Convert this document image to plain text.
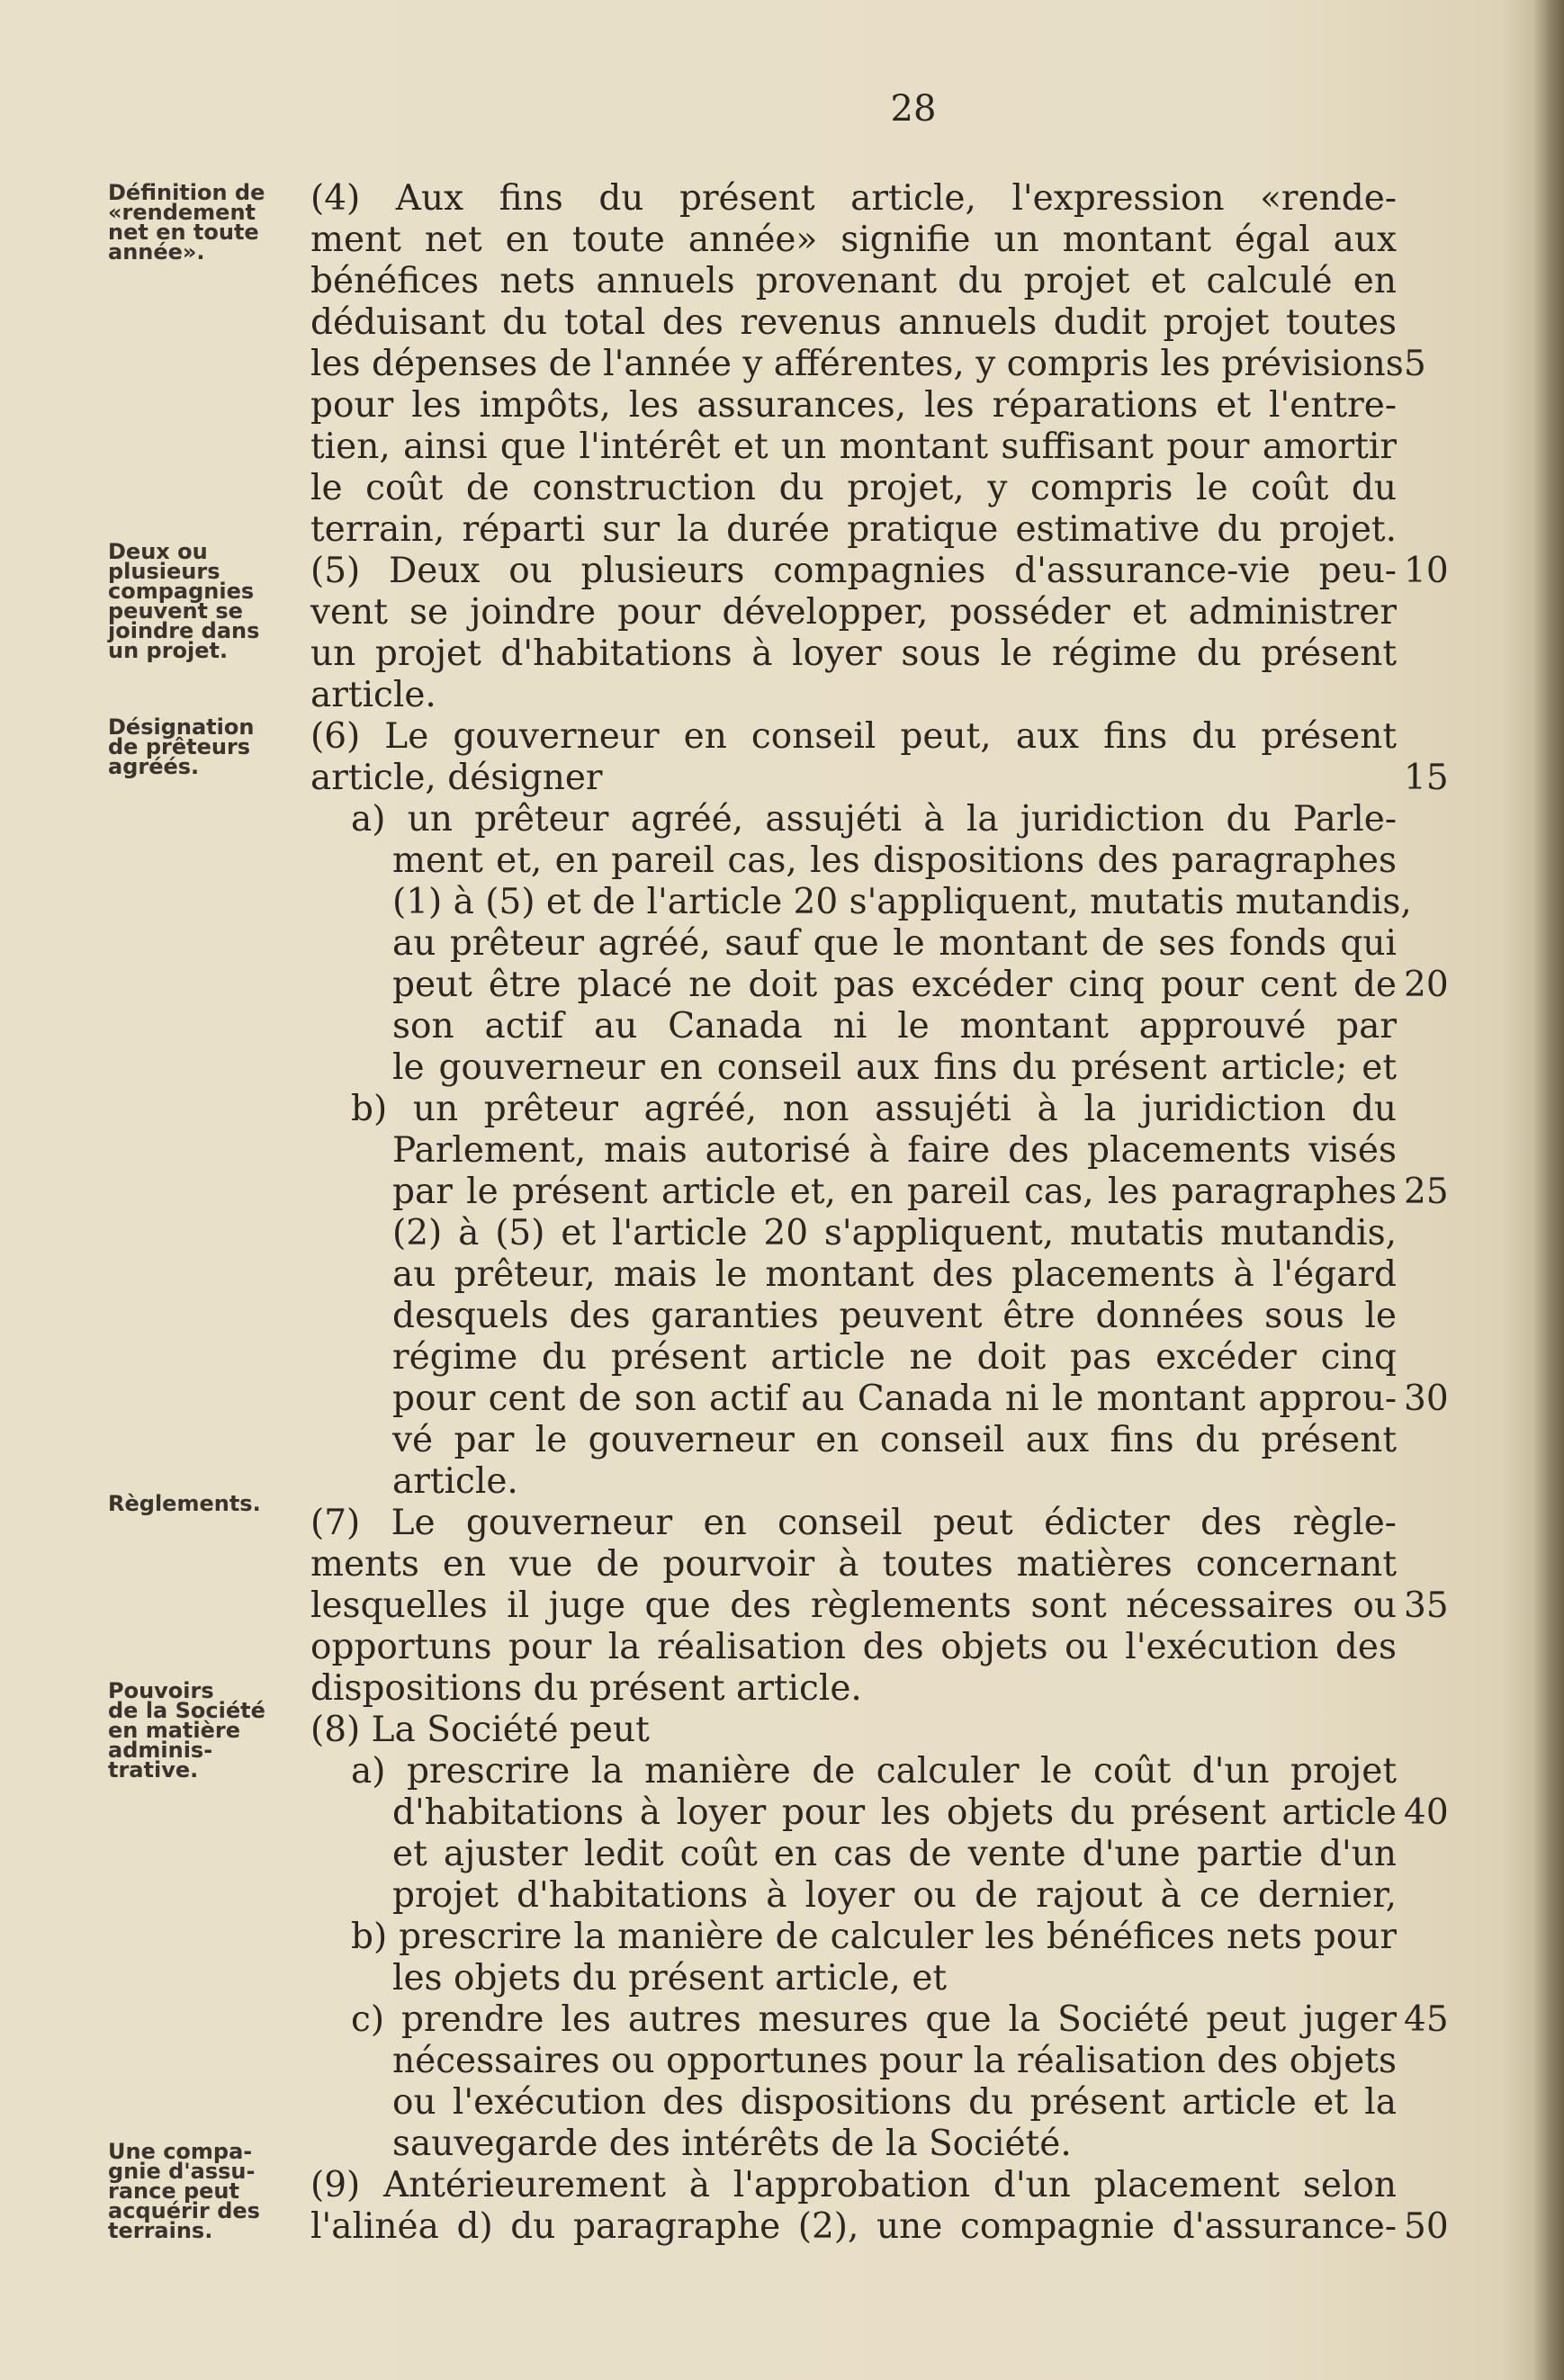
28
Définition de
«rendement
net en toute
année».
Deux ou
plusieurs
compagnies
peuvent se
joindre dans
un projet.
Désignation
de prêteurs
agréés.
Règlements.
Pouvoirs
de la Société
en matière
adminis-
trative.
Une compa-
gnie d'assu-
rance peut
acquérir des
terrains.

(4) Aux fins du présent article, l'expression «rende-

ment net en toute année» signifie un montant égal aux

bénéfices nets annuels provenant du projet et calculé en

déduisant du total des revenus annuels dudit projet toutes

les dépenses de l'année y afférentes, y compris les prévisions

pour les impôts, les assurances, les réparations et l'entre-

tien, ainsi que l'intérêt et un montant suffisant pour amortir

le coût de construction du projet, y compris le coût du

terrain, réparti sur la durée pratique estimative du projet.

(5) Deux ou plusieurs compagnies d'assurance-vie peu-

vent se joindre pour développer, posséder et administrer

un projet d'habitations à loyer sous le régime du présent

article.

(6) Le gouverneur en conseil peut, aux fins du présent

article, désigner

a) un prêteur agréé, assujéti à la juridiction du Parle-

ment et, en pareil cas, les dispositions des paragraphes

(1) à (5) et de l'article 20 s'appliquent, mutatis mutandis,

au prêteur agréé, sauf que le montant de ses fonds qui

peut être placé ne doit pas excéder cinq pour cent de

son actif au Canada ni le montant approuvé par

le gouverneur en conseil aux fins du présent article; et

b) un prêteur agréé, non assujéti à la juridiction du

Parlement, mais autorisé à faire des placements visés

par le présent article et, en pareil cas, les paragraphes

(2) à (5) et l'article 20 s'appliquent, mutatis mutandis,

au prêteur, mais le montant des placements à l'égard

desquels des garanties peuvent être données sous le

régime du présent article ne doit pas excéder cinq

pour cent de son actif au Canada ni le montant approu-

vé par le gouverneur en conseil aux fins du présent

article.

(7) Le gouverneur en conseil peut édicter des règle-

ments en vue de pourvoir à toutes matières concernant

lesquelles il juge que des règlements sont nécessaires ou

opportuns pour la réalisation des objets ou l'exécution des

dispositions du présent article.

(8) La Société peut

a) prescrire la manière de calculer le coût d'un projet

d'habitations à loyer pour les objets du présent article

et ajuster ledit coût en cas de vente d'une partie d'un

projet d'habitations à loyer ou de rajout à ce dernier,

b) prescrire la manière de calculer les bénéfices nets pour

les objets du présent article, et

c) prendre les autres mesures que la Société peut juger

nécessaires ou opportunes pour la réalisation des objets

ou l'exécution des dispositions du présent article et la

sauvegarde des intérêts de la Société.

(9) Antérieurement à l'approbation d'un placement selon

l'alinéa d) du paragraphe (2), une compagnie d'assurance-

5
10
15
20
25
30
35
40
45
50
